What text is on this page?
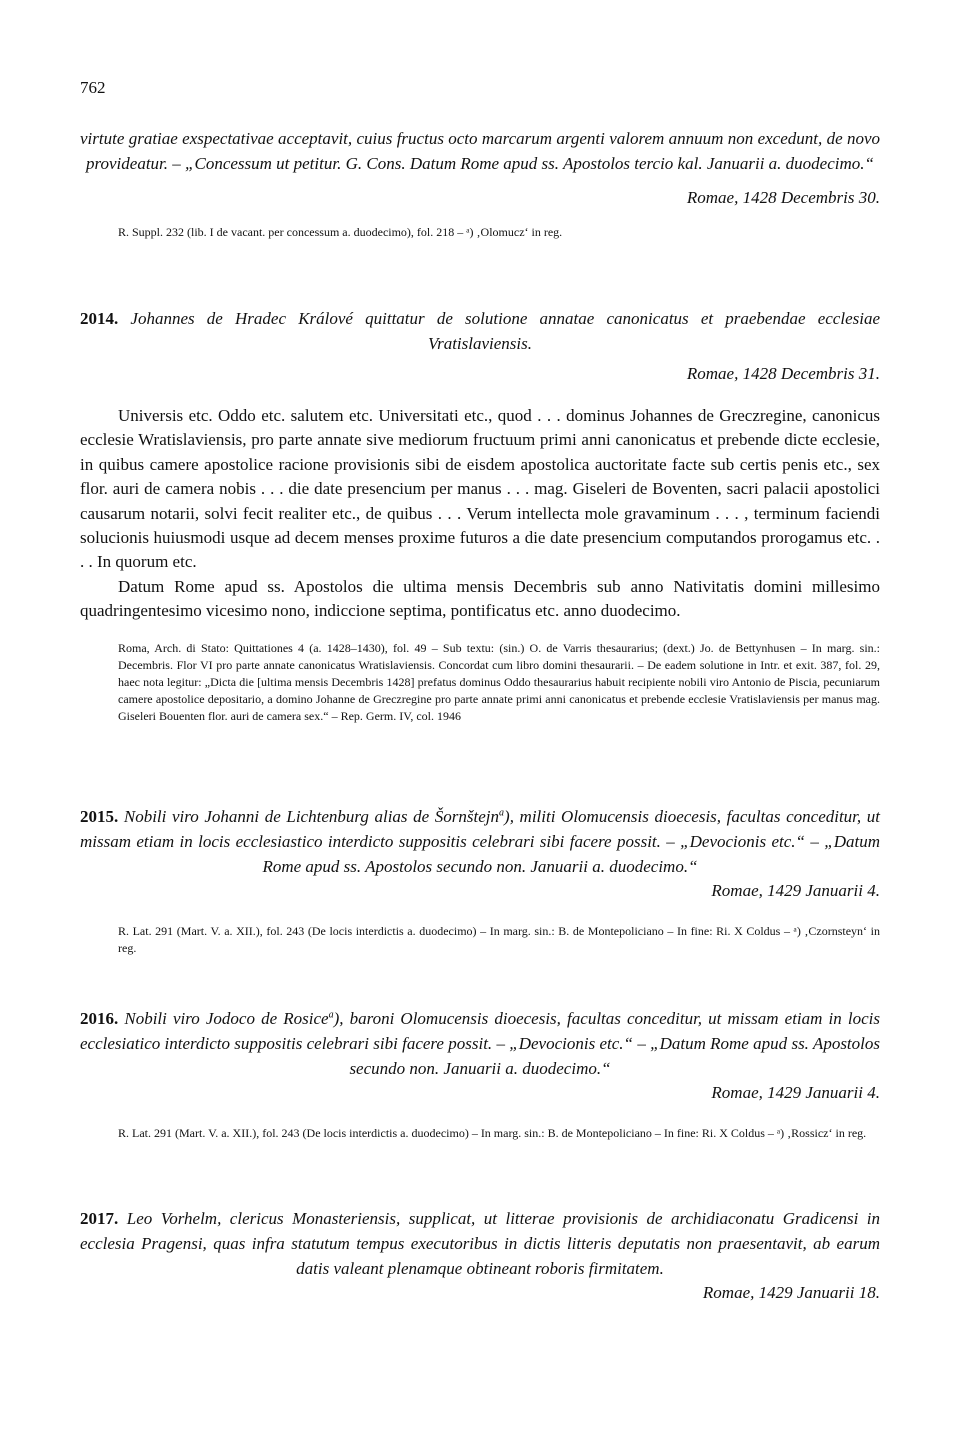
762
virtute gratiae exspectativae acceptavit, cuius fructus octo marcarum argenti valorem annuum non excedunt, de novo provideatur. – „Concessum ut petitur. G. Cons. Datum Rome apud ss. Apostolos tercio kal. Januarii a. duodecimo.“
Romae, 1428 Decembris 30.
R. Suppl. 232 (lib. I de vacant. per concessum a. duodecimo), fol. 218 – ᵃ) ‚Olomucz‘ in reg.
2014. Johannes de Hradec Králové quittatur de solutione annatae canonicatus et praebendae ecclesiae Vratislaviensis.
Romae, 1428 Decembris 31.

Universis etc. Oddo etc. salutem etc. Universitati etc., quod . . . dominus Johannes de Greczregine, canonicus ecclesie Wratislaviensis, pro parte annate sive mediorum fructuum primi anni canonicatus et prebende dicte ecclesie, in quibus camere apostolice racione provisionis sibi de eisdem apostolica auctoritate facte sub certis penis etc., sex flor. auri de camera nobis . . . die date presencium per manus . . . mag. Giseleri de Boventen, sacri palacii apostolici causarum notarii, solvi fecit realiter etc., de quibus . . . Verum intellecta mole gravaminum . . . , terminum faciendi solucionis huiusmodi usque ad decem menses proxime futuros a die date presencium computandos prorogamus etc. . . . In quorum etc.

Datum Rome apud ss. Apostolos die ultima mensis Decembris sub anno Nativitatis domini millesimo quadringentesimo vicesimo nono, indiccione septima, pontificatus etc. anno duodecimo.

Roma, Arch. di Stato: Quittationes 4 (a. 1428–1430), fol. 49 – Sub textu: (sin.) O. de Varris thesaurarius; (dext.) Jo. de Bettynhusen – In marg. sin.: Decembris. Flor VI pro parte annate canonicatus Wratislaviensis. Concordat cum libro domini thesaurarii. – De eadem solutione in Intr. et exit. 387, fol. 29, haec nota legitur: „Dicta die [ultima mensis Decembris 1428] prefatus dominus Oddo thesaurarius habuit recipiente nobili viro Antonio de Piscia, pecuniarum camere apostolice depositario, a domino Johanne de Greczregine pro parte annate primi anni canonicatus et prebende ecclesie Vratislaviensis per manus mag. Giseleri Bouenten flor. auri de camera sex.“ – Rep. Germ. IV, col. 1946
2015. Nobili viro Johanni de Lichtenburg alias de Šornštejn$^a$), militi Olomucensis dioecesis, facultas conceditur, ut missam etiam in locis ecclesiastico interdicto suppositis celebrari sibi facere possit. – „Devocionis etc.“ – „Datum Rome apud ss. Apostolos secundo non. Januarii a. duodecimo.“
Romae, 1429 Januarii 4.
R. Lat. 291 (Mart. V. a. XII.), fol. 243 (De locis interdictis a. duodecimo) – In marg. sin.: B. de Montepoliciano – In fine: Ri. X Coldus – ᵃ) ‚Czornsteyn‘ in reg.
2016. Nobili viro Jodoco de Rosice$^a$), baroni Olomucensis dioecesis, facultas conceditur, ut missam etiam in locis ecclesiatico interdicto suppositis celebrari sibi facere possit. – „Devocionis etc.“ – „Datum Rome apud ss. Apostolos secundo non. Januarii a. duodecimo.“
Romae, 1429 Januarii 4.
R. Lat. 291 (Mart. V. a. XII.), fol. 243 (De locis interdictis a. duodecimo) – In marg. sin.: B. de Montepoliciano – In fine: Ri. X Coldus – ᵃ) ‚Rossicz‘ in reg.
2017. Leo Vorhelm, clericus Monasteriensis, supplicat, ut litterae provisionis de archidiaconatu Gradicensi in ecclesia Pragensi, quas infra statutum tempus executoribus in dictis litteris deputatis non praesentavit, ab earum datis valeant plenamque obtineant roboris firmitatem.
Romae, 1429 Januarii 18.
